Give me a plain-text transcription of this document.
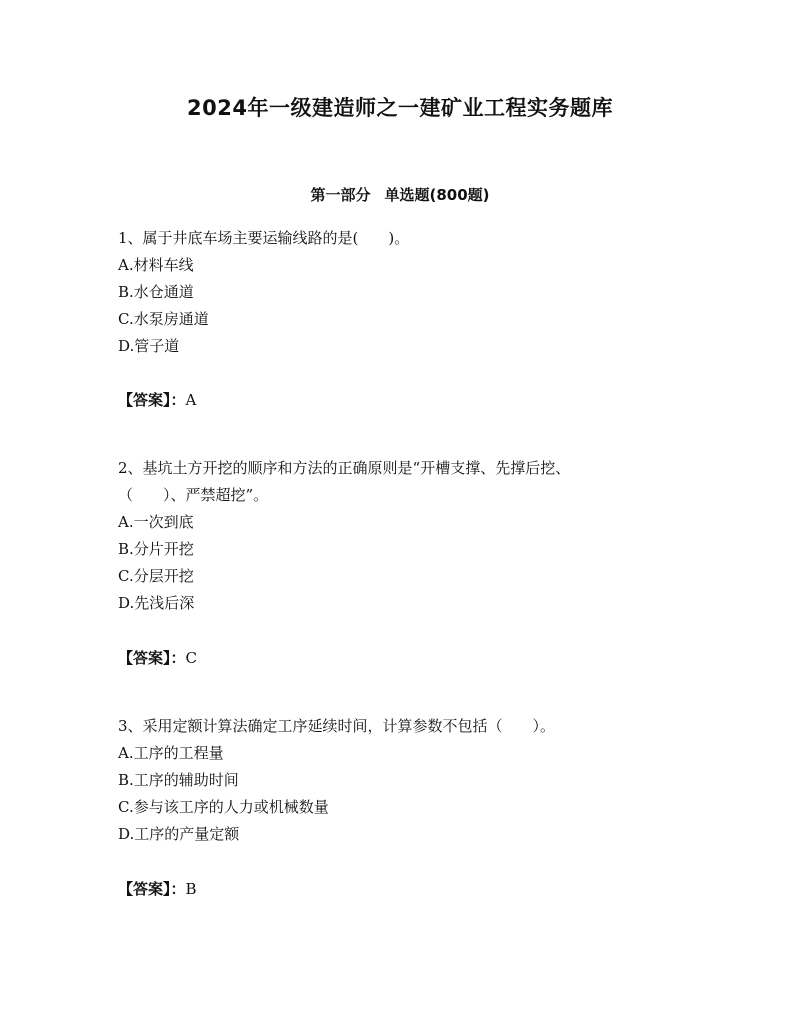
2024年一级建造师之一建矿业工程实务题库
第一部分 单选题(800题)
1、属于井底车场主要运输线路的是(　　)。
A.材料车线
B.水仓通道
C.水泵房通道
D.管子道
【答案】：A
2、基坑土方开挖的顺序和方法的正确原则是“开槽支撑、先撑后挖、
（　　）、严禁超挖”。
A.一次到底
B.分片开挖
C.分层开挖
D.先浅后深
【答案】：C
3、采用定额计算法确定工序延续时间，计算参数不包括（　　）。
A.工序的工程量
B.工序的辅助时间
C.参与该工序的人力或机械数量
D.工序的产量定额
【答案】：B
